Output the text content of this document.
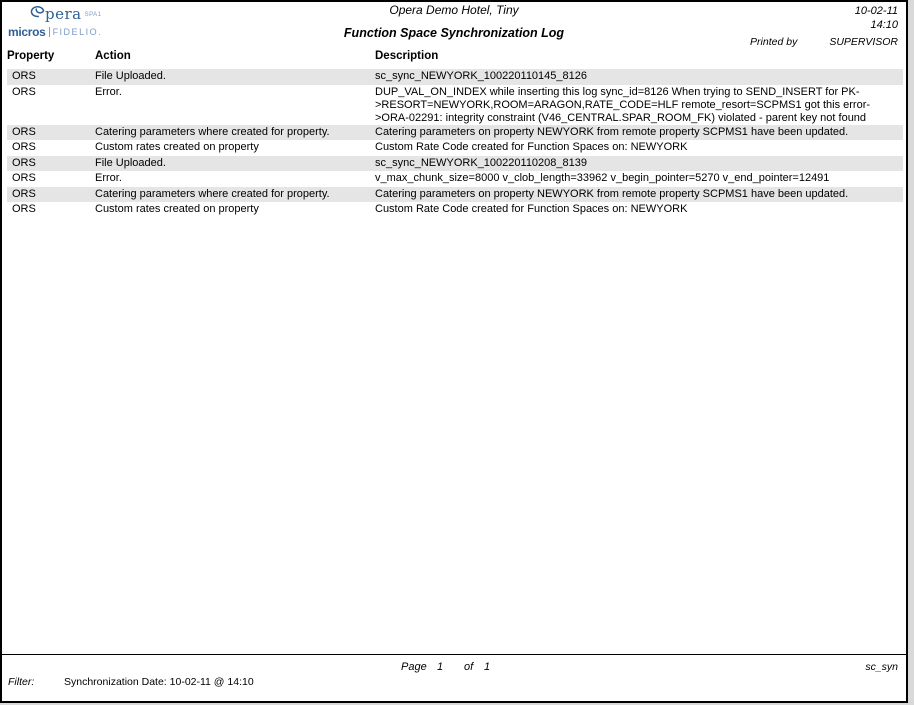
pera SPA1
micros FIDELIO.
Opera Demo Hotel, Tiny
Function Space Synchronization Log
10-02-11
14:10
Printed by	SUPERVISOR
Property	Action	Description
ORS	File Uploaded.	sc_sync_NEWYORK_100220110145_8126
ORS	Error.	DUP_VAL_ON_INDEX while inserting this log sync_id=8126 When trying to SEND_INSERT for PK->RESORT=NEWYORK,ROOM=ARAGON,RATE_CODE=HLF remote_resort=SCPMS1 got this error->ORA-02291: integrity constraint (V46_CENTRAL.SPAR_ROOM_FK) violated - parent key not found
ORS	Catering parameters where created for property.	Catering parameters on property NEWYORK from remote property SCPMS1 have been updated.
ORS	Custom rates created on property	Custom Rate Code created for Function Spaces on: NEWYORK
ORS	File Uploaded.	sc_sync_NEWYORK_100220110208_8139
ORS	Error.	v_max_chunk_size=8000 v_clob_length=33962 v_begin_pointer=5270 v_end_pointer=12491
ORS	Catering parameters where created for property.	Catering parameters on property NEWYORK from remote property SCPMS1 have been updated.
ORS	Custom rates created on property	Custom Rate Code created for Function Spaces on: NEWYORK
Page 1 of 1	sc_syn
Filter:	Synchronization Date: 10-02-11 @ 14:10
